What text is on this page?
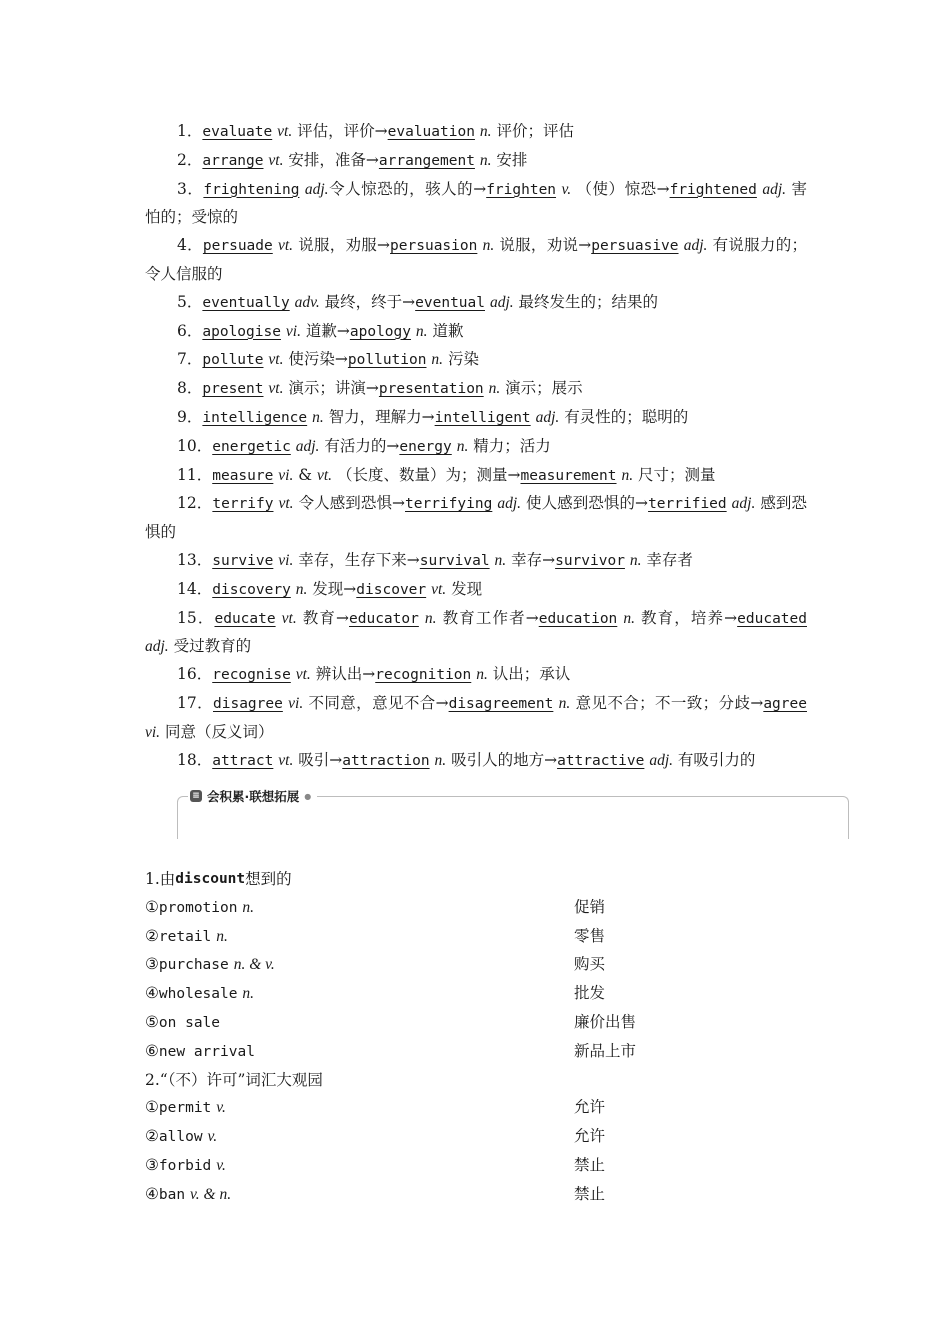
1．evaluate vt. 评估，评价→evaluation n. 评价；评估
2．arrange vt. 安排，准备→arrangement n. 安排
3．frightening adj.令人惊恐的，骇人的→frighten v. （使）惊恐→frightened adj. 害怕的；受惊的
4．persuade vt. 说服，劝服→persuasion n. 说服，劝说→persuasive adj. 有说服力的；令人信服的
5．eventually adv. 最终，终于→eventual adj. 最终发生的；结果的
6．apologise vi. 道歉→apology n. 道歉
7．pollute vt. 使污染→pollution n. 污染
8．present vt. 演示；讲演→presentation n. 演示；展示
9．intelligence n. 智力，理解力→intelligent adj. 有灵性的；聪明的
10．energetic adj. 有活力的→energy n. 精力；活力
11．measure vi. & vt. （长度、数量）为；测量→measurement n. 尺寸；测量
12．terrify vt. 令人感到恐惧→terrifying adj. 使人感到恐惧的→terrified adj. 感到恐惧的
13．survive vi. 幸存，生存下来→survival n. 幸存→survivor n. 幸存者
14．discovery n. 发现→discover vt. 发现
15．educate vt. 教育→educator n. 教育工作者→education n. 教育，培养→educated adj. 受过教育的
16．recognise vt. 辨认出→recognition n. 认出；承认
17．disagree vi. 不同意，意见不合→disagreement n. 意见不合；不一致；分歧→agree vi. 同意（反义词）
18．attract vt. 吸引→attraction n. 吸引人的地方→attractive adj. 有吸引力的
≡ 会积累·联想拓展 ●
1.由 discount 想到的
①promotion n.	促销
②retail n.	零售
③purchase n. & v.	购买
④wholesale n.	批发
⑤on sale	廉价出售
⑥new arrival	新品上市
2.“（不）许可”词汇大观园
①permit v.	允许
②allow v.	允许
③forbid v.	禁止
④ban v. & n.	禁止
